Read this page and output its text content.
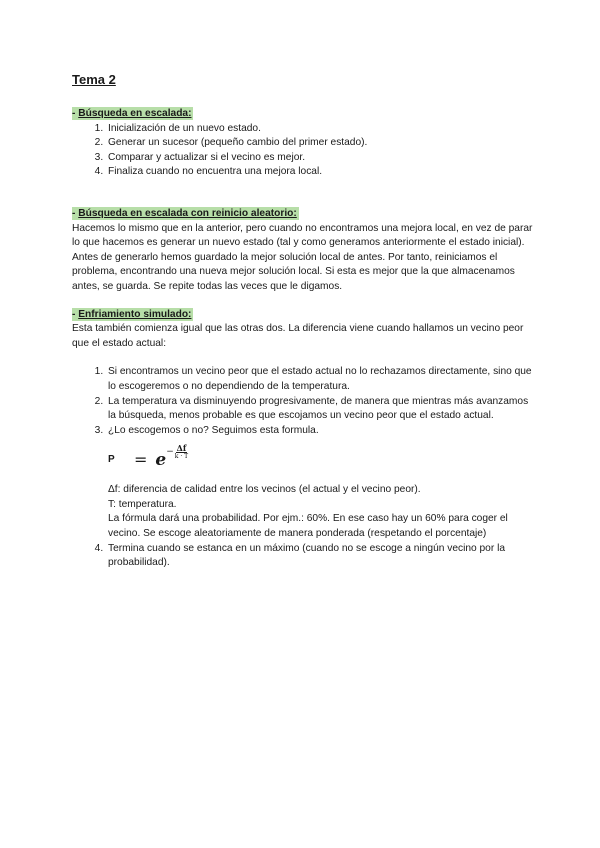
Tema 2
- Búsqueda en escalada:
1. Inicialización de un nuevo estado.
2. Generar un sucesor (pequeño cambio del primer estado).
3. Comparar y actualizar si el vecino es mejor.
4. Finaliza cuando no encuentra una mejora local.
- Búsqueda en escalada con reinicio aleatorio:

Hacemos lo mismo que en la anterior, pero cuando no encontramos una mejora local, en vez de parar lo que hacemos es generar un nuevo estado (tal y como generamos anteriormente el estado inicial).

Antes de generarlo hemos guardado la mejor solución local de antes. Por tanto, reiniciamos el problema, encontrando una nueva mejor solución local. Si esta es mejor que la que almacenamos antes, se guarda. Se repite todas las veces que le digamos.

- Enfriamiento simulado:

Esta también comienza igual que las otras dos. La diferencia viene cuando hallamos un vecino peor que el estado actual:

1. Si encontramos un vecino peor que el estado actual no lo rechazamos directamente, sino que lo escogeremos o no dependiendo de la temperatura.
2. La temperatura va disminuyendo progresivamente, de manera que mientras más avanzamos la búsqueda, menos probable es que escojamos un vecino peor que el estado actual.
3. ¿Lo escogemos o no? Seguimos esta formula.
P	= $e - \frac{\Delta f}{k \cdot T}$
Δf: diferencia de calidad entre los vecinos (el actual y el vecino peor).
T: temperatura.
La fórmula dará una probabilidad. Por ejm.: 60%. En ese caso hay un 60% para coger el vecino. Se escoge aleatoriamente de manera ponderada (respetando el porcentaje)
4. Termina cuando se estanca en un máximo (cuando no se escoge a ningún vecino por la probabilidad).
